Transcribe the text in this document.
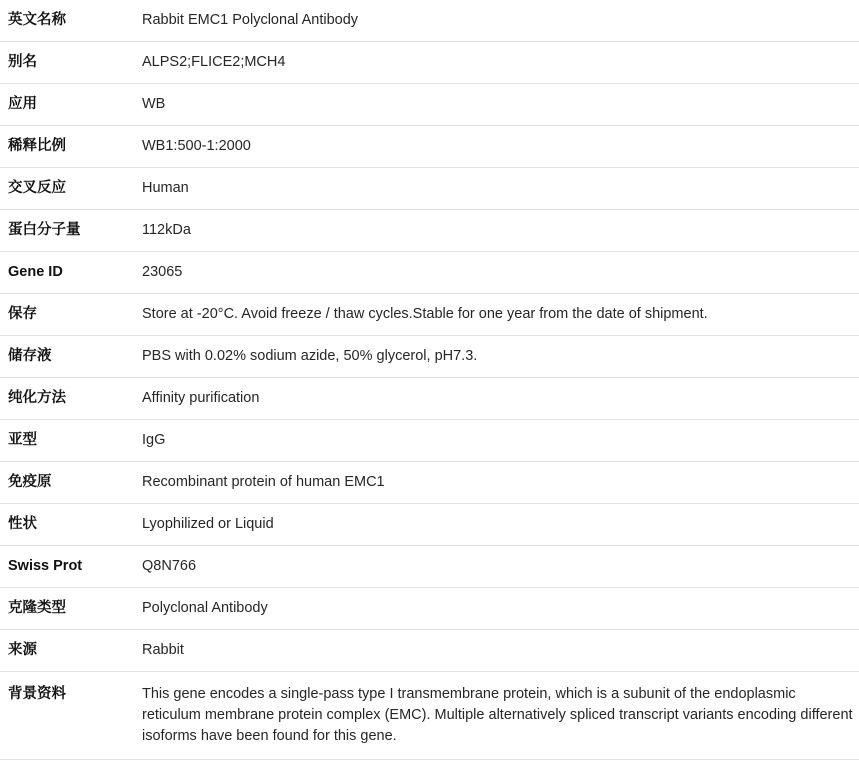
英文名称	Rabbit EMC1 Polyclonal Antibody
别名	ALPS2;FLICE2;MCH4
应用	WB
稀释比例	WB1:500-1:2000
交叉反应	Human
蛋白分子量	112kDa
Gene ID	23065
保存	Store at -20°C. Avoid freeze / thaw cycles.Stable for one year from the date of shipment.
储存液	PBS with 0.02% sodium azide, 50% glycerol, pH7.3.
纯化方法	Affinity purification
亚型	IgG
免疫原	Recombinant protein of human EMC1
性状	Lyophilized or Liquid
Swiss Prot	Q8N766
克隆类型	Polyclonal Antibody
来源	Rabbit
背景资料	This gene encodes a single-pass type I transmembrane protein, which is a subunit of the endoplasmic reticulum membrane protein complex (EMC). Multiple alternatively spliced transcript variants encoding different isoforms have been found for this gene.
